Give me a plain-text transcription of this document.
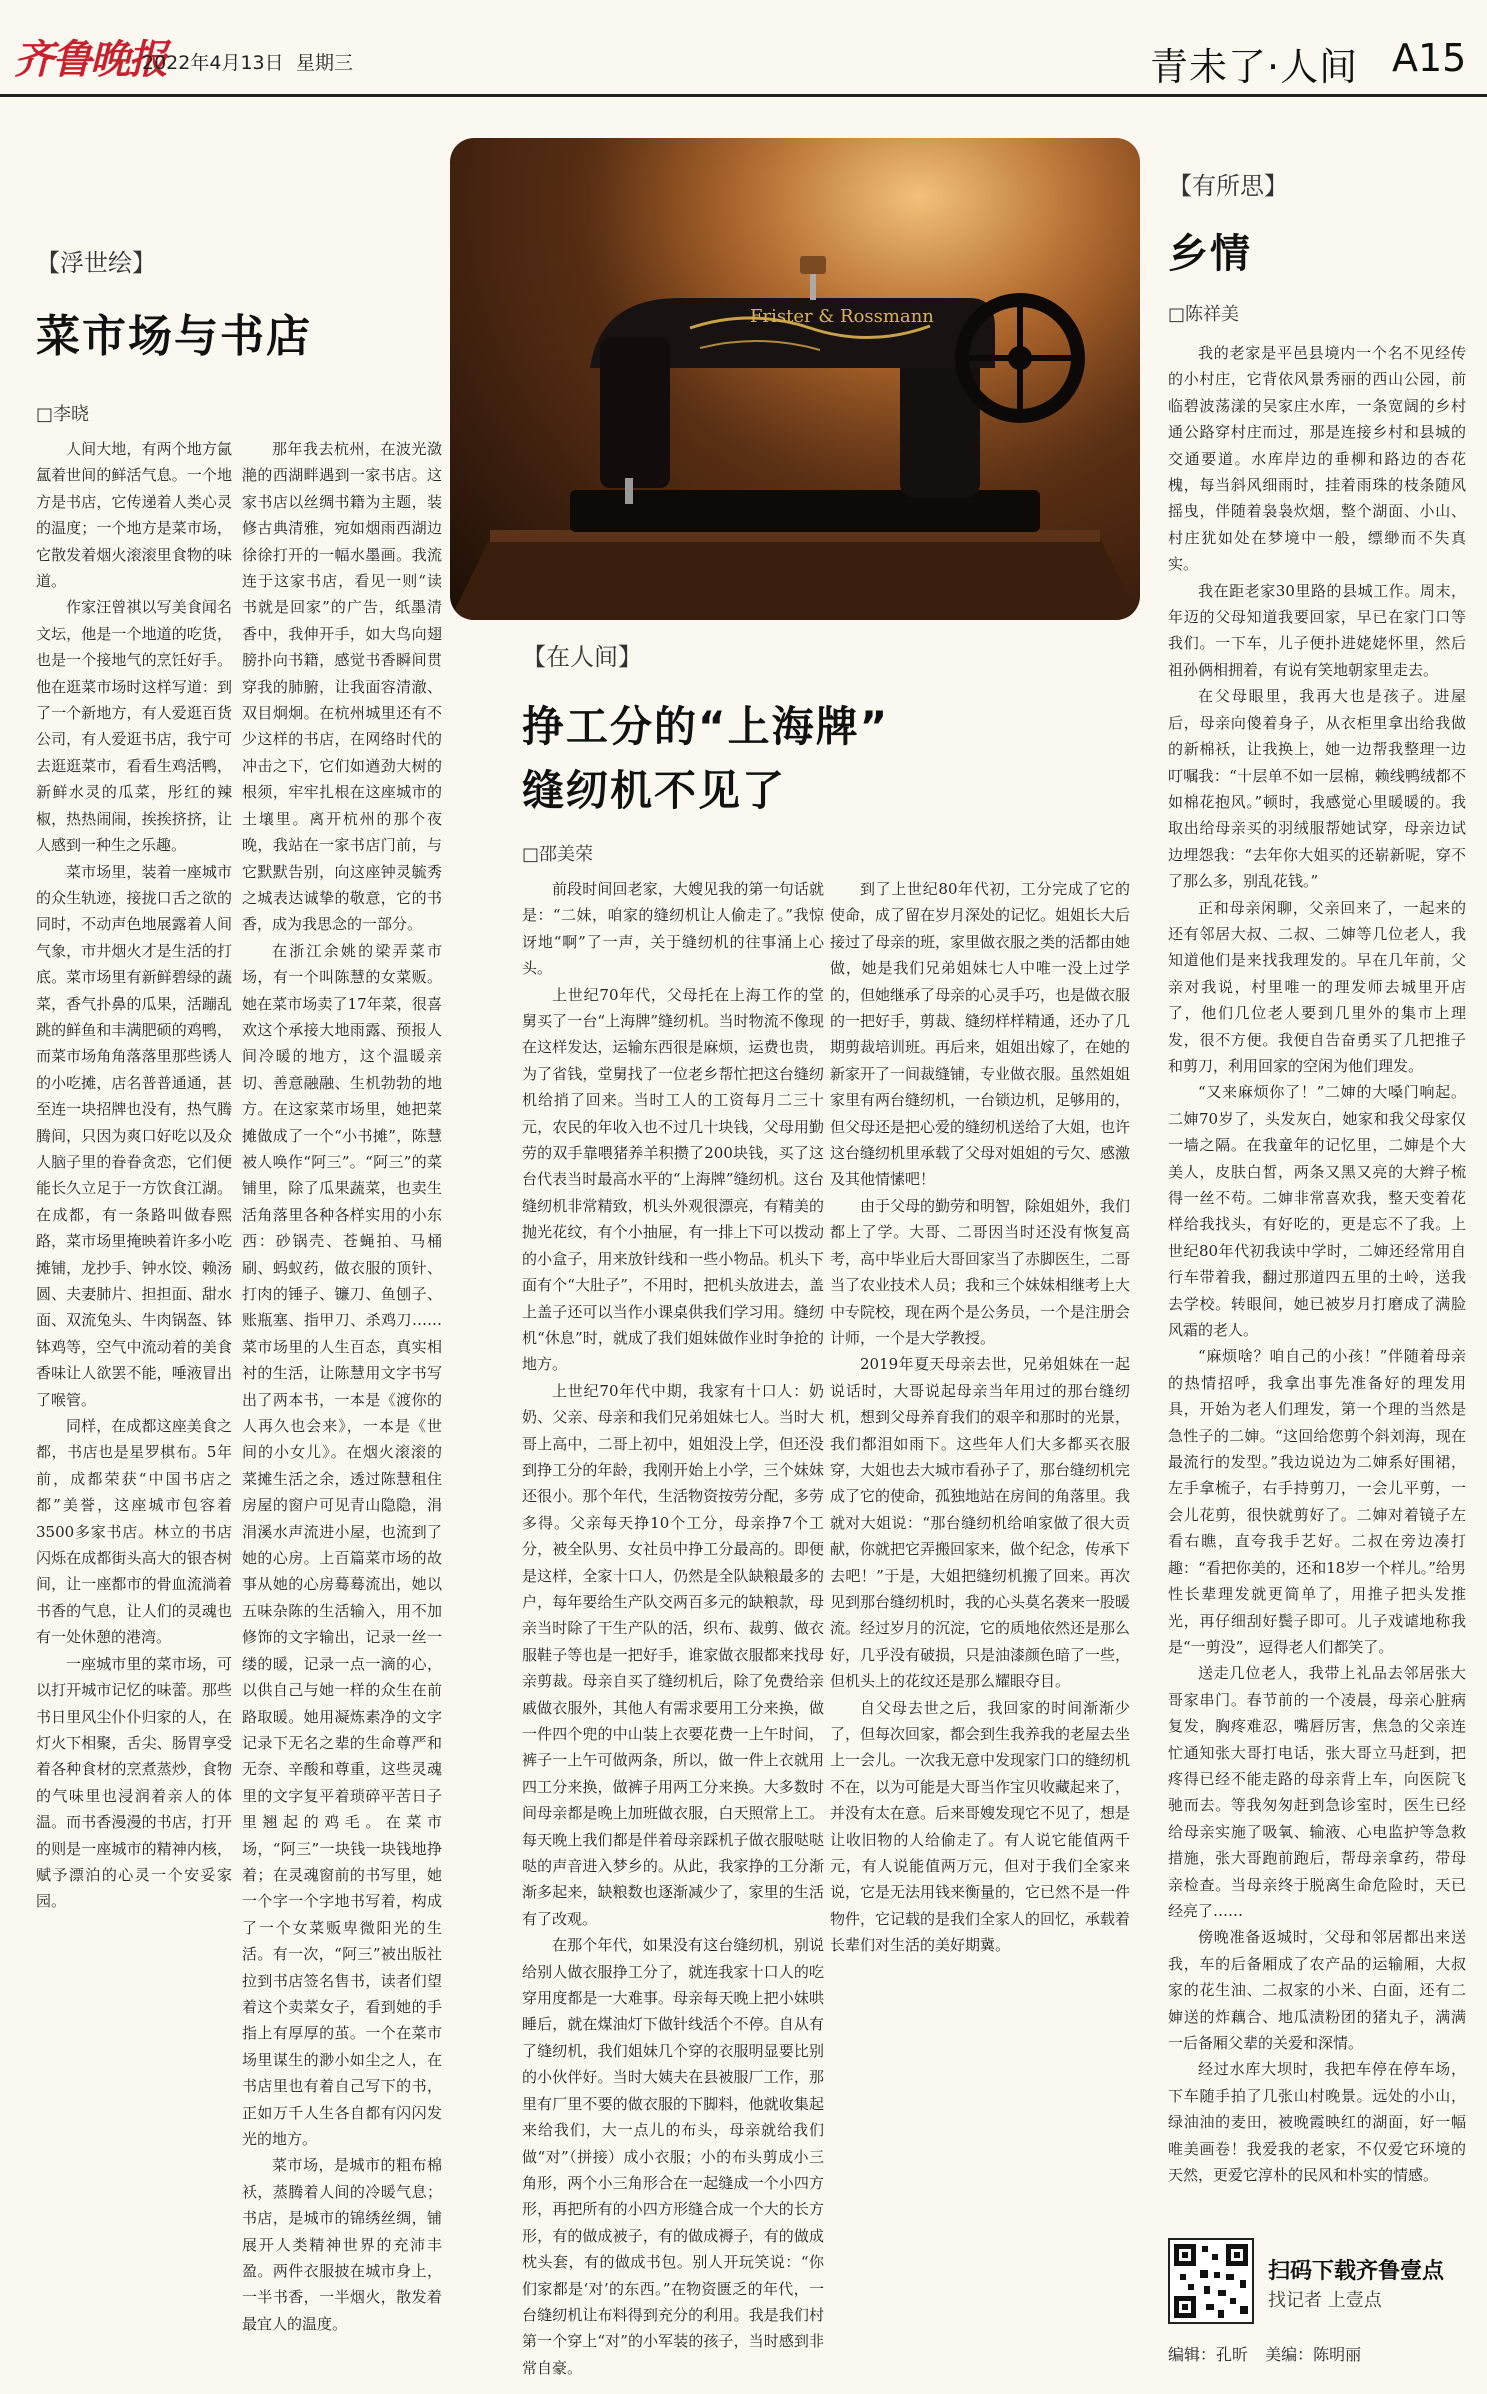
齐鲁晚报
2022年4月13日 星期三	青未了·人间 A15
【浮世绘】
菜市场与书店
□李晓

人间大地，有两个地方氤氲着世间的鲜活气息。一个地方是书店，它传递着人类心灵的温度；一个地方是菜市场，它散发着烟火滚滚里食物的味道。

作家汪曾祺以写美食闻名文坛，他是一个地道的吃货，也是一个接地气的烹饪好手。他在逛菜市场时这样写道：到了一个新地方，有人爱逛百货公司，有人爱逛书店，我宁可去逛逛菜市，看看生鸡活鸭，新鲜水灵的瓜菜，彤红的辣椒，热热闹闹，挨挨挤挤，让人感到一种生之乐趣。

菜市场里，装着一座城市的众生轨迹，接拢口舌之欲的同时，不动声色地展露着人间气象，市井烟火才是生活的打底。菜市场里有新鲜碧绿的蔬菜，香气扑鼻的瓜果，活蹦乱跳的鲜鱼和丰满肥硕的鸡鸭，而菜市场角角落落里那些诱人的小吃摊，店名普普通通，甚至连一块招牌也没有，热气腾腾间，只因为爽口好吃以及众人脑子里的眷眷贪恋，它们便能长久立足于一方饮食江湖。在成都，有一条路叫做春熙路，菜市场里掩映着许多小吃摊铺，龙抄手、钟水饺、赖汤圆、夫妻肺片、担担面、甜水面、双流兔头、牛肉锅盔、钵钵鸡等，空气中流动着的美食香味让人欲罢不能，唾液冒出了喉管。

同样，在成都这座美食之都，书店也是星罗棋布。5年前，成都荣获“中国书店之都”美誉，这座城市包容着3500多家书店。林立的书店闪烁在成都街头高大的银杏树间，让一座都市的骨血流淌着书香的气息，让人们的灵魂也有一处休憩的港湾。

一座城市里的菜市场，可以打开城市记忆的味蕾。那些书日里风尘仆仆归家的人，在灯火下相聚，舌尖、肠胃享受着各种食材的烹煮蒸炒，食物的气味里也浸润着亲人的体温。而书香漫漫的书店，打开的则是一座城市的精神内核，赋予漂泊的心灵一个安妥家园。

那年我去杭州，在波光潋滟的西湖畔遇到一家书店。这家书店以丝绸书籍为主题，装修古典清雅，宛如烟雨西湖边徐徐打开的一幅水墨画。我流连于这家书店，看见一则“读书就是回家”的广告，纸墨清香中，我伸开手，如大鸟向翅膀扑向书籍，感觉书香瞬间贯穿我的肺腑，让我面容清澈、双目炯炯。在杭州城里还有不少这样的书店，在网络时代的冲击之下，它们如遒劲大树的根须，牢牢扎根在这座城市的土壤里。离开杭州的那个夜晚，我站在一家书店门前，与它默默告别，向这座钟灵毓秀之城表达诚挚的敬意，它的书香，成为我思念的一部分。

在浙江余姚的梁弄菜市场，有一个叫陈慧的女菜贩。她在菜市场卖了17年菜，很喜欢这个承接大地雨露、预报人间冷暖的地方，这个温暖亲切、善意融融、生机勃勃的地方。在这家菜市场里，她把菜摊做成了一个“小书摊”，陈慧被人唤作“阿三”。“阿三”的菜铺里，除了瓜果蔬菜，也卖生活角落里各种各样实用的小东西：砂锅壳、苍蝇拍、马桶刷、蚂蚁药，做衣服的顶针、打肉的锤子、镰刀、鱼刨子、账瓶塞、指甲刀、杀鸡刀……菜市场里的人生百态，真实相衬的生活，让陈慧用文字书写出了两本书，一本是《渡你的人再久也会来》，一本是《世间的小女儿》。在烟火滚滚的菜摊生活之余，透过陈慧租住房屋的窗户可见青山隐隐，涓涓溪水声流进小屋，也流到了她的心房。上百篇菜市场的故事从她的心房蓦蓦流出，她以五味杂陈的生活输入，用不加修饰的文字输出，记录一丝一缕的暖，记录一点一滴的心，以供自己与她一样的众生在前路取暖。她用凝炼素净的文字记录下无名之辈的生命尊严和无奈、辛酸和尊重，这些灵魂里的文字复平着琐碎平苦日子里翘起的鸡毛。在菜市场，“阿三”一块钱一块钱地挣着；在灵魂窗前的书写里，她一个字一个字地书写着，构成了一个女菜贩卑微阳光的生活。有一次，“阿三”被出版社拉到书店签名售书，读者们望着这个卖菜女子，看到她的手指上有厚厚的茧。一个在菜市场里谋生的渺小如尘之人，在书店里也有着自己写下的书，正如万千人生各自都有闪闪发光的地方。

菜市场，是城市的粗布棉袄，蒸腾着人间的冷暖气息；书店，是城市的锦绣丝绸，铺展开人类精神世界的充沛丰盈。两件衣服披在城市身上，一半书香，一半烟火，散发着最宜人的温度。

Frister & Rossmann
【在人间】
挣工分的“上海牌”
缝纫机不见了
□邵美荣

前段时间回老家，大嫂见我的第一句话就是：“二妹，咱家的缝纫机让人偷走了。”我惊讶地“啊”了一声，关于缝纫机的往事涌上心头。

上世纪70年代，父母托在上海工作的堂舅买了一台“上海牌”缝纫机。当时物流不像现在这样发达，运输东西很是麻烦，运费也贵，为了省钱，堂舅找了一位老乡帮忙把这台缝纫机给捎了回来。当时工人的工资每月二三十元，农民的年收入也不过几十块钱，父母用勤劳的双手靠喂猪养羊积攒了200块钱，买了这台代表当时最高水平的“上海牌”缝纫机。这台缝纫机非常精致，机头外观很漂亮，有精美的抛光花纹，有个小抽屉，有一排上下可以拨动的小盒子，用来放针线和一些小物品。机头下面有个“大肚子”，不用时，把机头放进去，盖上盖子还可以当作小课桌供我们学习用。缝纫机“休息”时，就成了我们姐妹做作业时争抢的地方。

上世纪70年代中期，我家有十口人：奶奶、父亲、母亲和我们兄弟姐妹七人。当时大哥上高中，二哥上初中，姐姐没上学，但还没到挣工分的年龄，我刚开始上小学，三个妹妹还很小。那个年代，生活物资按劳分配，多劳多得。父亲每天挣10个工分，母亲挣7个工分，被全队男、女社员中挣工分最高的。即便是这样，全家十口人，仍然是全队缺粮最多的户，每年要给生产队交两百多元的缺粮款，母亲当时除了干生产队的活，织布、裁剪、做衣服鞋子等也是一把好手，谁家做衣服都来找母亲剪裁。母亲自买了缝纫机后，除了免费给亲戚做衣服外，其他人有需求要用工分来换，做一件四个兜的中山装上衣要花费一上午时间，裤子一上午可做两条，所以，做一件上衣就用四工分来换，做裤子用两工分来换。大多数时间母亲都是晚上加班做衣服，白天照常上工。每天晚上我们都是伴着母亲踩机子做衣服哒哒哒的声音进入梦乡的。从此，我家挣的工分渐渐多起来，缺粮数也逐渐减少了，家里的生活有了改观。

在那个年代，如果没有这台缝纫机，别说给别人做衣服挣工分了，就连我家十口人的吃穿用度都是一大难事。母亲每天晚上把小妹哄睡后，就在煤油灯下做针线活个不停。自从有了缝纫机，我们姐妹几个穿的衣服明显要比别的小伙伴好。当时大姨夫在县被服厂工作，那里有厂里不要的做衣服的下脚料，他就收集起来给我们，大一点儿的布头，母亲就给我们做“对”（拼接）成小衣服；小的布头剪成小三角形，两个小三角形合在一起缝成一个小四方形，再把所有的小四方形缝合成一个大的长方形，有的做成被子，有的做成褥子，有的做成枕头套，有的做成书包。别人开玩笑说：“你们家都是‘对’的东西。”在物资匮乏的年代，一台缝纫机让布料得到充分的利用。我是我们村第一个穿上“对”的小军装的孩子，当时感到非常自豪。

到了上世纪80年代初，工分完成了它的使命，成了留在岁月深处的记忆。姐姐长大后接过了母亲的班，家里做衣服之类的活都由她做，她是我们兄弟姐妹七人中唯一没上过学的，但她继承了母亲的心灵手巧，也是做衣服的一把好手，剪裁、缝纫样样精通，还办了几期剪裁培训班。再后来，姐姐出嫁了，在她的新家开了一间裁缝铺，专业做衣服。虽然姐姐家里有两台缝纫机，一台锁边机，足够用的，但父母还是把心爱的缝纫机送给了大姐，也许这台缝纫机里承载了父母对姐姐的亏欠、感激及其他情愫吧！

由于父母的勤劳和明智，除姐姐外，我们都上了学。大哥、二哥因当时还没有恢复高考，高中毕业后大哥回家当了赤脚医生，二哥当了农业技术人员；我和三个妹妹相继考上大中专院校，现在两个是公务员，一个是注册会计师，一个是大学教授。

2019年夏天母亲去世，兄弟姐妹在一起说话时，大哥说起母亲当年用过的那台缝纫机，想到父母养育我们的艰辛和那时的光景，我们都泪如雨下。这些年人们大多都买衣服穿，大姐也去大城市看孙子了，那台缝纫机完成了它的使命，孤独地站在房间的角落里。我就对大姐说：“那台缝纫机给咱家做了很大贡献，你就把它弄搬回家来，做个纪念，传承下去吧！”于是，大姐把缝纫机搬了回来。再次见到那台缝纫机时，我的心头莫名袭来一股暖流。经过岁月的沉淀，它的质地依然还是那么好，几乎没有破损，只是油漆颜色暗了一些，但机头上的花纹还是那么耀眼夺目。

自父母去世之后，我回家的时间渐渐少了，但每次回家，都会到生我养我的老屋去坐上一会儿。一次我无意中发现家门口的缝纫机不在，以为可能是大哥当作宝贝收藏起来了，并没有太在意。后来哥嫂发现它不见了，想是让收旧物的人给偷走了。有人说它能值两千元，有人说能值两万元，但对于我们全家来说，它是无法用钱来衡量的，它已然不是一件物件，它记载的是我们全家人的回忆，承载着长辈们对生活的美好期冀。

【有所思】
乡情
□陈祥美

我的老家是平邑县境内一个名不见经传的小村庄，它背依风景秀丽的西山公园，前临碧波荡漾的吴家庄水库，一条宽阔的乡村通公路穿村庄而过，那是连接乡村和县城的交通要道。水库岸边的垂柳和路边的杏花槐，每当斜风细雨时，挂着雨珠的枝条随风摇曳，伴随着袅袅炊烟，整个湖面、小山、村庄犹如处在梦境中一般，缥缈而不失真实。

我在距老家30里路的县城工作。周末，年迈的父母知道我要回家，早已在家门口等我们。一下车，儿子便扑进姥姥怀里，然后祖孙俩相拥着，有说有笑地朝家里走去。

在父母眼里，我再大也是孩子。进屋后，母亲向傻着身子，从衣柜里拿出给我做的新棉袄，让我换上，她一边帮我整理一边叮嘱我：“十层单不如一层棉，赖线鸭绒都不如棉花抱风。”顿时，我感觉心里暖暖的。我取出给母亲买的羽绒服帮她试穿，母亲边试边埋怨我：“去年你大姐买的还崭新呢，穿不了那么多，别乱花钱。”

正和母亲闲聊，父亲回来了，一起来的还有邻居大叔、二叔、二婶等几位老人，我知道他们是来找我理发的。早在几年前，父亲对我说，村里唯一的理发师去城里开店了，他们几位老人要到几里外的集市上理发，很不方便。我便自告奋勇买了几把推子和剪刀，利用回家的空闲为他们理发。

“又来麻烦你了！”二婶的大嗓门响起。二婶70岁了，头发灰白，她家和我父母家仅一墙之隔。在我童年的记忆里，二婶是个大美人，皮肤白皙，两条又黑又亮的大辫子梳得一丝不苟。二婶非常喜欢我，整天变着花样给我找头，有好吃的，更是忘不了我。上世纪80年代初我读中学时，二婶还经常用自行车带着我，翻过那道四五里的土岭，送我去学校。转眼间，她已被岁月打磨成了满脸风霜的老人。

“麻烦啥？咱自己的小孩！”伴随着母亲的热情招呼，我拿出事先准备好的理发用具，开始为老人们理发，第一个理的当然是急性子的二婶。“这回给您剪个斜刘海，现在最流行的发型。”我边说边为二婶系好围裙，左手拿梳子，右手持剪刀，一会儿平剪，一会儿花剪，很快就剪好了。二婶对着镜子左看右瞧，直夸我手艺好。二叔在旁边凑打趣：“看把你美的，还和18岁一个样儿。”给男性长辈理发就更简单了，用推子把头发推光，再仔细刮好鬓子即可。儿子戏谑地称我是“一剪没”，逗得老人们都笑了。

送走几位老人，我带上礼品去邻居张大哥家串门。春节前的一个凌晨，母亲心脏病复发，胸疼难忍，嘴唇厉害，焦急的父亲连忙通知张大哥打电话，张大哥立马赶到，把疼得已经不能走路的母亲背上车，向医院飞驰而去。等我匆匆赶到急诊室时，医生已经给母亲实施了吸氧、输液、心电监护等急救措施，张大哥跑前跑后，帮母亲拿药，带母亲检查。当母亲终于脱离生命危险时，天已经亮了……

傍晚准备返城时，父母和邻居都出来送我，车的后备厢成了农产品的运输厢，大叔家的花生油、二叔家的小米、白面，还有二婶送的炸藕合、地瓜渍粉团的猪丸子，满满一后备厢父辈的关爱和深情。

经过水库大坝时，我把车停在停车场，下车随手拍了几张山村晚景。远处的小山，绿油油的麦田，被晚霞映红的湖面，好一幅唯美画卷！我爱我的老家，不仅爱它环境的天然，更爱它淳朴的民风和朴实的情感。

扫码下载齐鲁壹点
找记者 上壹点
编辑：孔昕 美编：陈明丽
